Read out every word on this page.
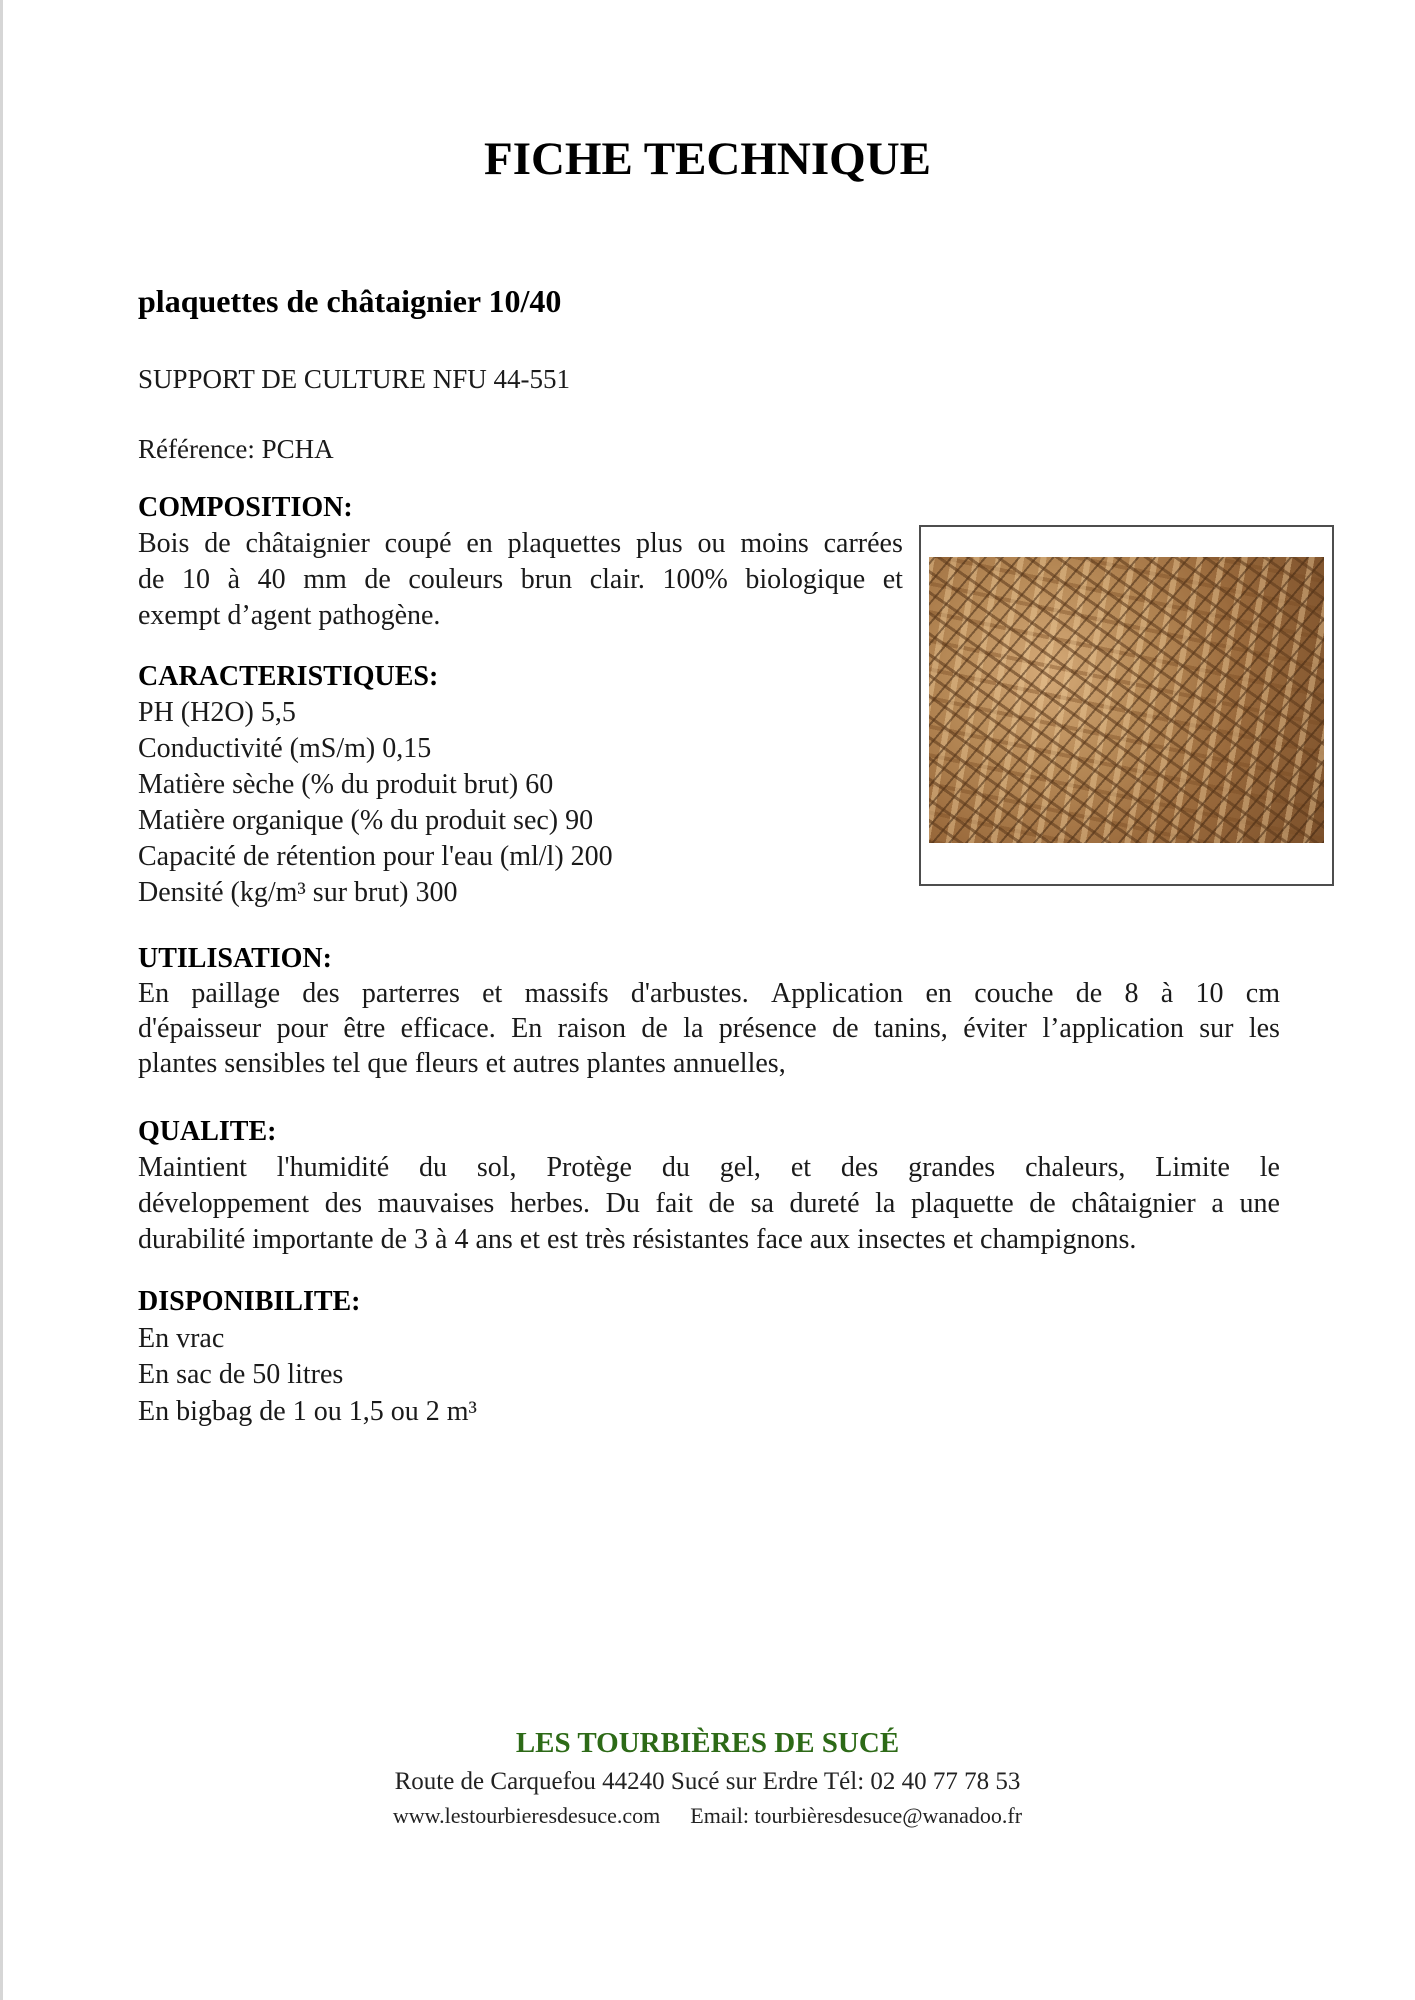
FICHE TECHNIQUE
plaquettes de châtaignier 10/40
SUPPORT DE CULTURE NFU 44-551
Référence: PCHA
COMPOSITION:
Bois de châtaignier coupé en plaquettes plus ou moins carrées
de 10 à 40 mm de couleurs brun clair. 100% biologique et
exempt d’agent pathogène.
CARACTERISTIQUES:
PH (H2O) 5,5
Conductivité (mS/m) 0,15
Matière sèche (% du produit brut) 60
Matière organique (% du produit sec) 90
Capacité de rétention pour l'eau (ml/l) 200
Densité (kg/m³ sur brut) 300
UTILISATION:
En paillage des parterres et massifs d'arbustes. Application en couche de 8 à 10 cm
d'épaisseur pour être efficace. En raison de la présence de tanins, éviter l’application sur les
plantes sensibles tel que fleurs et autres plantes annuelles,
QUALITE:
Maintient l'humidité du sol, Protège du gel, et des grandes chaleurs, Limite le
développement des mauvaises herbes. Du fait de sa dureté la plaquette de châtaignier a une
durabilité importante de 3 à 4 ans et est très résistantes face aux insectes et champignons.
DISPONIBILITE:
En vrac
En sac de 50 litres
En bigbag de 1 ou 1,5 ou 2 m³
LES TOURBIÈRES DE SUCÉ
Route de Carquefou 44240 Sucé sur Erdre Tél: 02 40 77 78 53
www.lestourbieresdesuce.com Email: tourbièresdesuce@wanadoo.fr
